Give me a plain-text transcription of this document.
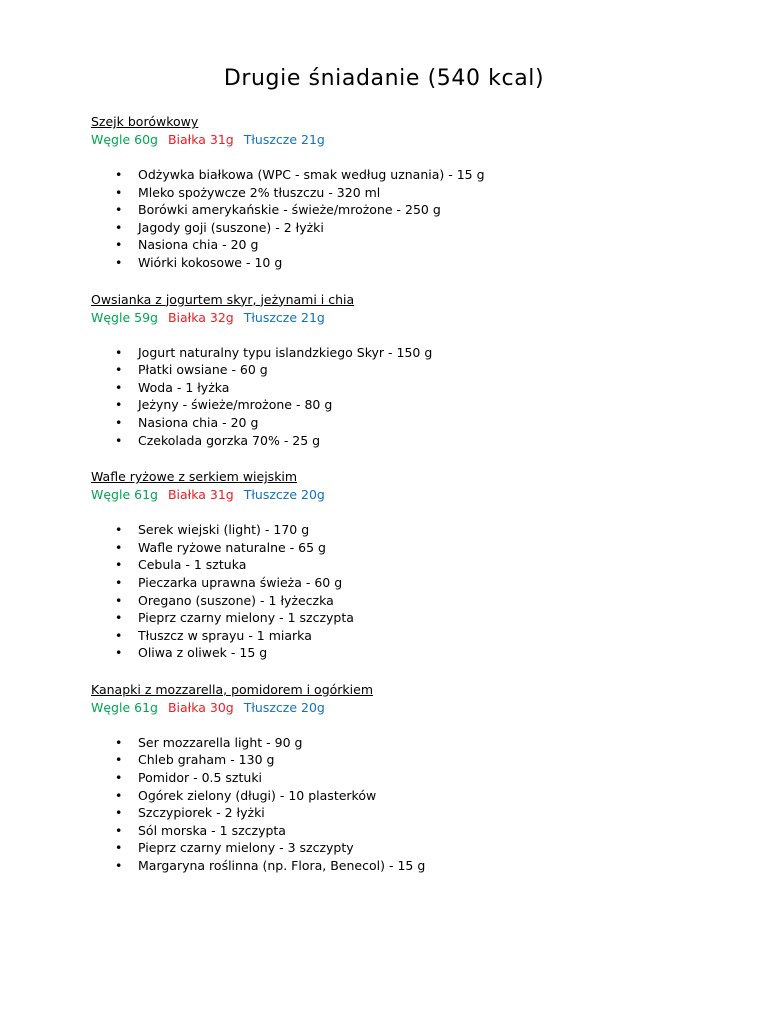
Drugie śniadanie (540 kcal)

Szejk borówkowy

Węgle 60g Białka 31g Tłuszcze 21g

• Odżywka białkowa (WPC - smak według uznania) - 15 g
• Mleko spożywcze 2% tłuszczu - 320 ml
• Borówki amerykańskie - świeże/mrożone - 250 g
• Jagody goji (suszone) - 2 łyżki
• Nasiona chia - 20 g
• Wiórki kokosowe - 10 g

Owsianka z jogurtem skyr, jeżynami i chia

Węgle 59g Białka 32g Tłuszcze 21g

• Jogurt naturalny typu islandzkiego Skyr - 150 g
• Płatki owsiane - 60 g
• Woda - 1 łyżka
• Jeżyny - świeże/mrożone - 80 g
• Nasiona chia - 20 g
• Czekolada gorzka 70% - 25 g

Wafle ryżowe z serkiem wiejskim

Węgle 61g Białka 31g Tłuszcze 20g

• Serek wiejski (light) - 170 g
• Wafle ryżowe naturalne - 65 g
• Cebula - 1 sztuka
• Pieczarka uprawna świeża - 60 g
• Oregano (suszone) - 1 łyżeczka
• Pieprz czarny mielony - 1 szczypta
• Tłuszcz w sprayu - 1 miarka
• Oliwa z oliwek - 15 g

Kanapki z mozzarella, pomidorem i ogórkiem

Węgle 61g Białka 30g Tłuszcze 20g

• Ser mozzarella light - 90 g
• Chleb graham - 130 g
• Pomidor - 0.5 sztuki
• Ogórek zielony (długi) - 10 plasterków
• Szczypiorek - 2 łyżki
• Sól morska - 1 szczypta
• Pieprz czarny mielony - 3 szczypty
• Margaryna roślinna (np. Flora, Benecol) - 15 g
